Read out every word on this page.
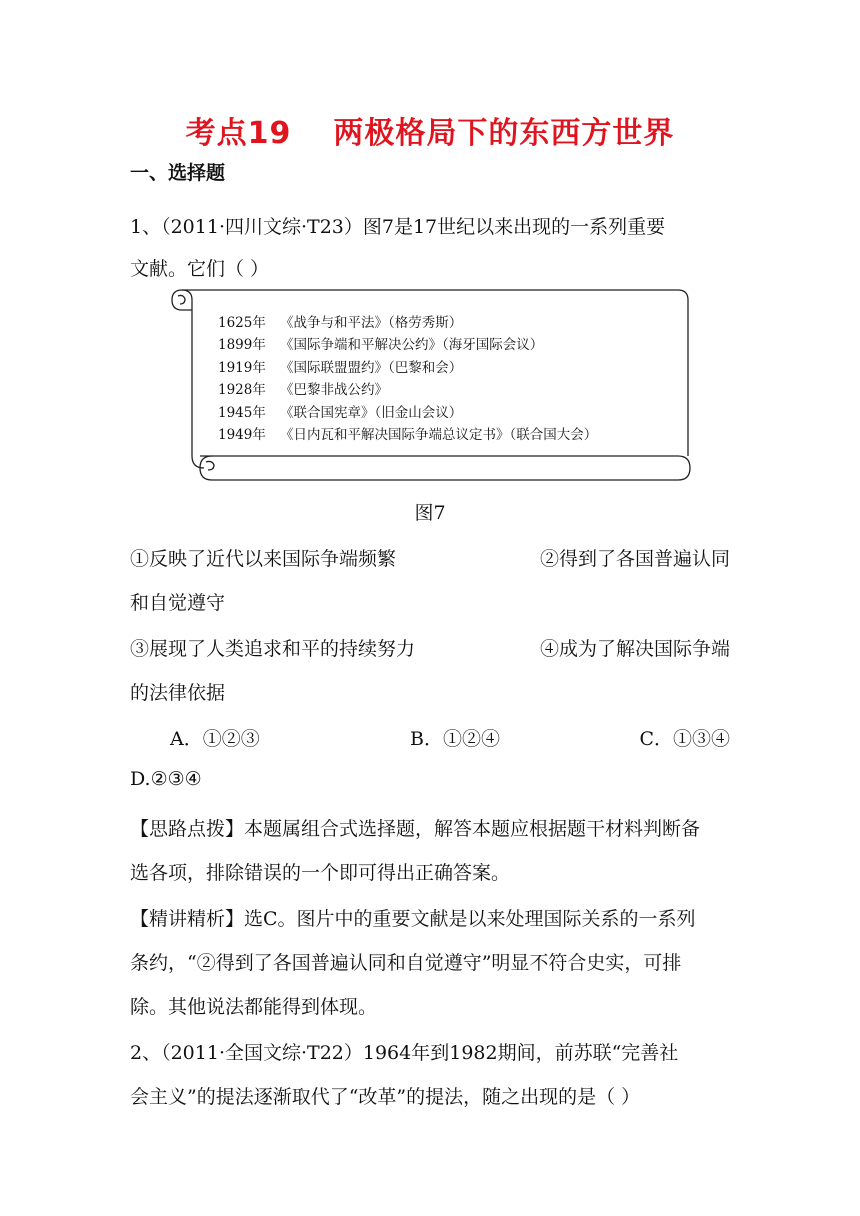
考点19 两极格局下的东西方世界
一、选择题
1、（2011·四川文综·T23）图7是17世纪以来出现的一系列重要
文献。它们（ ）
1625年 《战争与和平法》（格劳秀斯）
1899年 《国际争端和平解决公约》（海牙国际会议）
1919年 《国际联盟盟约》（巴黎和会）
1928年 《巴黎非战公约》
1945年 《联合国宪章》（旧金山会议）
1949年 《日内瓦和平解决国际争端总议定书》（联合国大会）
图7
①反映了近代以来国际争端频繁	②得到了各国普遍认同
和自觉遵守
③展现了人类追求和平的持续努力	④成为了解决国际争端
的法律依据
A．①②③	B．①②④	C．①③④
D.②③④
【思路点拨】本题属组合式选择题，解答本题应根据题干材料判断备
选各项，排除错误的一个即可得出正确答案。
【精讲精析】选C。图片中的重要文献是以来处理国际关系的一系列
条约，“②得到了各国普遍认同和自觉遵守”明显不符合史实，可排
除。其他说法都能得到体现。
2、（2011·全国文综·T22）1964年到1982期间，前苏联“完善社
会主义”的提法逐渐取代了“改革”的提法，随之出现的是（ ）
